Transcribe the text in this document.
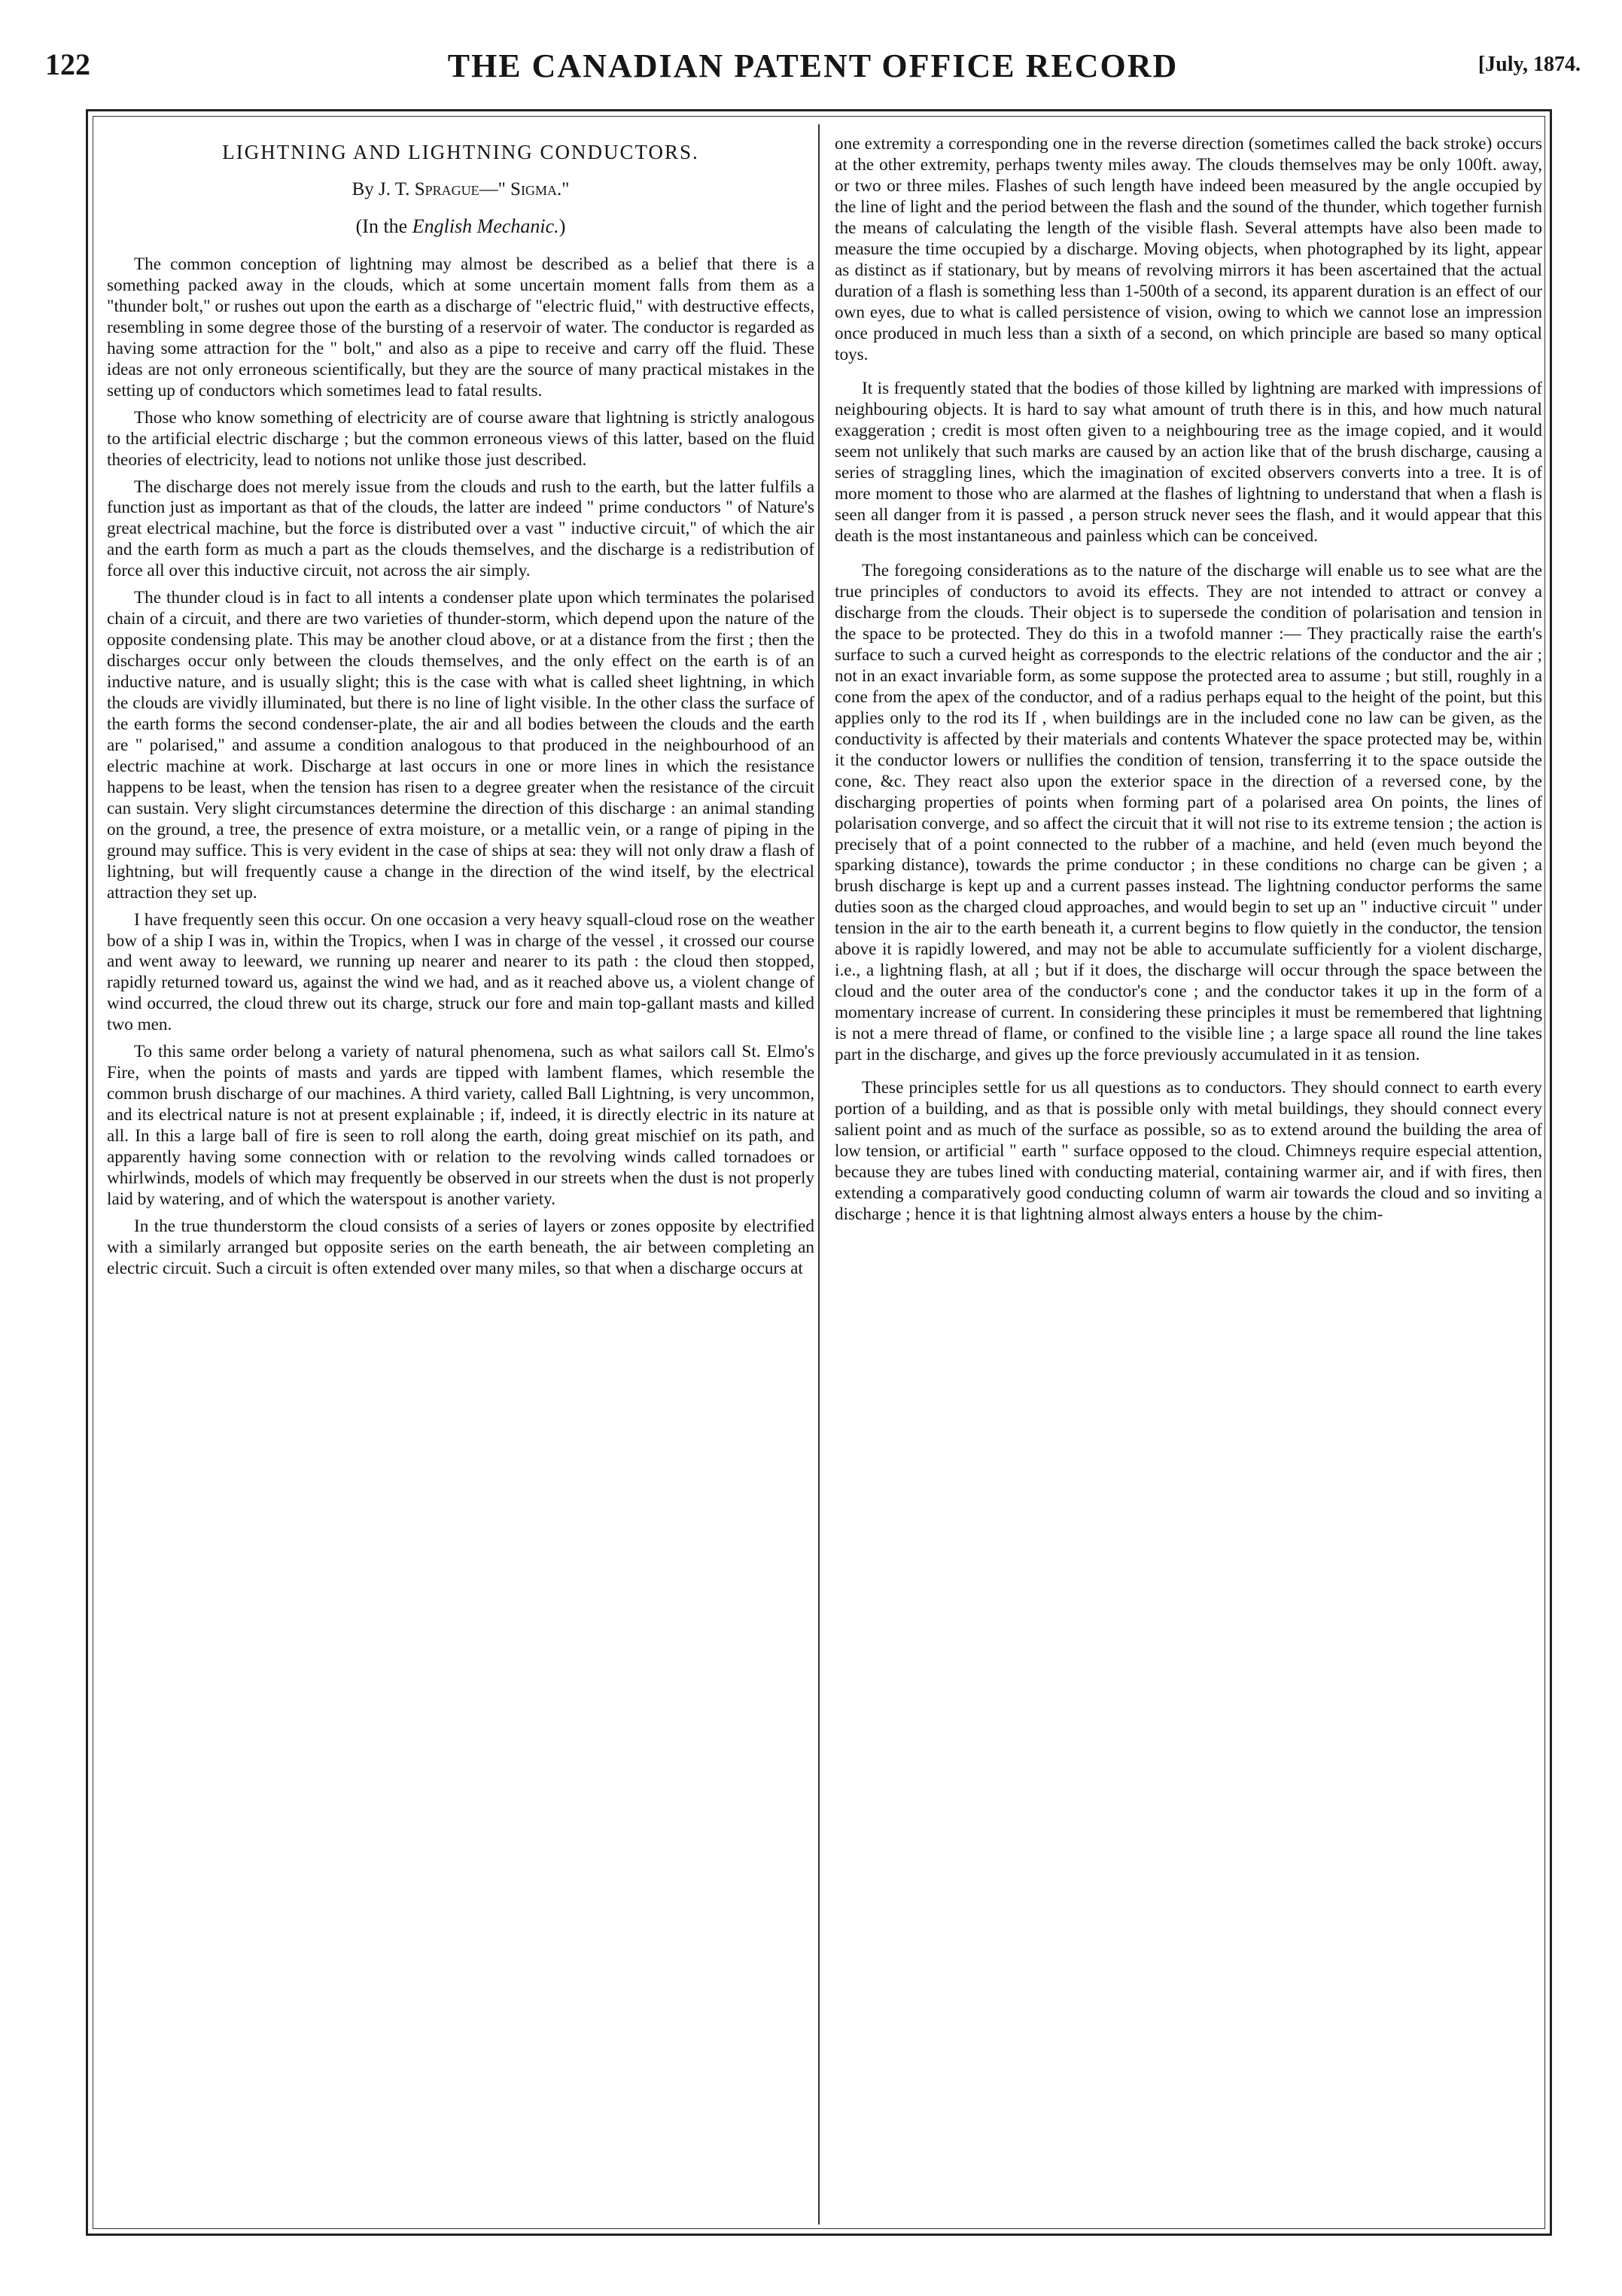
122	THE CANADIAN PATENT OFFICE RECORD	[July, 1874.
LIGHTNING AND LIGHTNING CONDUCTORS.
By J. T. Sprague—" Sigma."
(In the English Mechanic.)

The common conception of lightning may almost be described as a belief that there is a something packed away in the clouds, which at some uncertain moment falls from them as a "thunder bolt," or rushes out upon the earth as a discharge of "electric fluid," with destructive effects, resembling in some degree those of the bursting of a reservoir of water. The conductor is regarded as having some attraction for the " bolt," and also as a pipe to receive and carry off the fluid. These ideas are not only erroneous scientifically, but they are the source of many practical mistakes in the setting up of conductors which sometimes lead to fatal results.

Those who know something of electricity are of course aware that lightning is strictly analogous to the artificial electric discharge ; but the common erroneous views of this latter, based on the fluid theories of electricity, lead to notions not unlike those just described.

The discharge does not merely issue from the clouds and rush to the earth, but the latter fulfils a function just as important as that of the clouds, the latter are indeed " prime conductors " of Nature's great electrical machine, but the force is distributed over a vast " inductive circuit," of which the air and the earth form as much a part as the clouds themselves, and the discharge is a redistribution of force all over this inductive circuit, not across the air simply.

The thunder cloud is in fact to all intents a condenser plate upon which terminates the polarised chain of a circuit, and there are two varieties of thunder-storm, which depend upon the nature of the opposite condensing plate. This may be another cloud above, or at a distance from the first ; then the discharges occur only between the clouds themselves, and the only effect on the earth is of an inductive nature, and is usually slight; this is the case with what is called sheet lightning, in which the clouds are vividly illuminated, but there is no line of light visible. In the other class the surface of the earth forms the second condenser-plate, the air and all bodies between the clouds and the earth are " polarised," and assume a condition analogous to that produced in the neighbourhood of an electric machine at work. Discharge at last occurs in one or more lines in which the resistance happens to be least, when the tension has risen to a degree greater when the resistance of the circuit can sustain. Very slight circumstances determine the direction of this discharge : an animal standing on the ground, a tree, the presence of extra moisture, or a metallic vein, or a range of piping in the ground may suffice. This is very evident in the case of ships at sea: they will not only draw a flash of lightning, but will frequently cause a change in the direction of the wind itself, by the electrical attraction they set up.

I have frequently seen this occur. On one occasion a very heavy squall-cloud rose on the weather bow of a ship I was in, within the Tropics, when I was in charge of the vessel , it crossed our course and went away to leeward, we running up nearer and nearer to its path : the cloud then stopped, rapidly returned toward us, against the wind we had, and as it reached above us, a violent change of wind occurred, the cloud threw out its charge, struck our fore and main top-gallant masts and killed two men.

To this same order belong a variety of natural phenomena, such as what sailors call St. Elmo's Fire, when the points of masts and yards are tipped with lambent flames, which resemble the common brush discharge of our machines. A third variety, called Ball Lightning, is very uncommon, and its electrical nature is not at present explainable ; if, indeed, it is directly electric in its nature at all. In this a large ball of fire is seen to roll along the earth, doing great mischief on its path, and apparently having some connection with or relation to the revolving winds called tornadoes or whirlwinds, models of which may frequently be observed in our streets when the dust is not properly laid by watering, and of which the waterspout is another variety.

In the true thunderstorm the cloud consists of a series of layers or zones opposite by electrified with a similarly arranged but opposite series on the earth beneath, the air between completing an electric circuit. Such a circuit is often extended over many miles, so that when a discharge occurs at

one extremity a corresponding one in the reverse direction (sometimes called the back stroke) occurs at the other extremity, perhaps twenty miles away. The clouds themselves may be only 100ft. away, or two or three miles. Flashes of such length have indeed been measured by the angle occupied by the line of light and the period between the flash and the sound of the thunder, which together furnish the means of calculating the length of the visible flash. Several attempts have also been made to measure the time occupied by a discharge. Moving objects, when photographed by its light, appear as distinct as if stationary, but by means of revolving mirrors it has been ascertained that the actual duration of a flash is something less than 1-500th of a second, its apparent duration is an effect of our own eyes, due to what is called persistence of vision, owing to which we cannot lose an impression once produced in much less than a sixth of a second, on which principle are based so many optical toys.

It is frequently stated that the bodies of those killed by lightning are marked with impressions of neighbouring objects. It is hard to say what amount of truth there is in this, and how much natural exaggeration ; credit is most often given to a neighbouring tree as the image copied, and it would seem not unlikely that such marks are caused by an action like that of the brush discharge, causing a series of straggling lines, which the imagination of excited observers converts into a tree. It is of more moment to those who are alarmed at the flashes of lightning to understand that when a flash is seen all danger from it is passed , a person struck never sees the flash, and it would appear that this death is the most instantaneous and painless which can be conceived.

The foregoing considerations as to the nature of the discharge will enable us to see what are the true principles of conductors to avoid its effects. They are not intended to attract or convey a discharge from the clouds. Their object is to supersede the condition of polarisation and tension in the space to be protected. They do this in a twofold manner :— They practically raise the earth's surface to such a curved height as corresponds to the electric relations of the conductor and the air ; not in an exact invariable form, as some suppose the protected area to assume ; but still, roughly in a cone from the apex of the conductor, and of a radius perhaps equal to the height of the point, but this applies only to the rod its If , when buildings are in the included cone no law can be given, as the conductivity is affected by their materials and contents Whatever the space protected may be, within it the conductor lowers or nullifies the condition of tension, transferring it to the space outside the cone, &c. They react also upon the exterior space in the direction of a reversed cone, by the discharging properties of points when forming part of a polarised area On points, the lines of polarisation converge, and so affect the circuit that it will not rise to its extreme tension ; the action is precisely that of a point connected to the rubber of a machine, and held (even much beyond the sparking distance), towards the prime conductor ; in these conditions no charge can be given ; a brush discharge is kept up and a current passes instead. The lightning conductor performs the same duties soon as the charged cloud approaches, and would begin to set up an " inductive circuit " under tension in the air to the earth beneath it, a current begins to flow quietly in the conductor, the tension above it is rapidly lowered, and may not be able to accumulate sufficiently for a violent discharge, i.e., a lightning flash, at all ; but if it does, the discharge will occur through the space between the cloud and the outer area of the conductor's cone ; and the conductor takes it up in the form of a momentary increase of current. In considering these principles it must be remembered that lightning is not a mere thread of flame, or confined to the visible line ; a large space all round the line takes part in the discharge, and gives up the force previously accumulated in it as tension.

These principles settle for us all questions as to conductors. They should connect to earth every portion of a building, and as that is possible only with metal buildings, they should connect every salient point and as much of the surface as possible, so as to extend around the building the area of low tension, or artificial " earth " surface opposed to the cloud. Chimneys require especial attention, because they are tubes lined with conducting material, containing warmer air, and if with fires, then extending a comparatively good conducting column of warm air towards the cloud and so inviting a discharge ; hence it is that lightning almost always enters a house by the chim-
